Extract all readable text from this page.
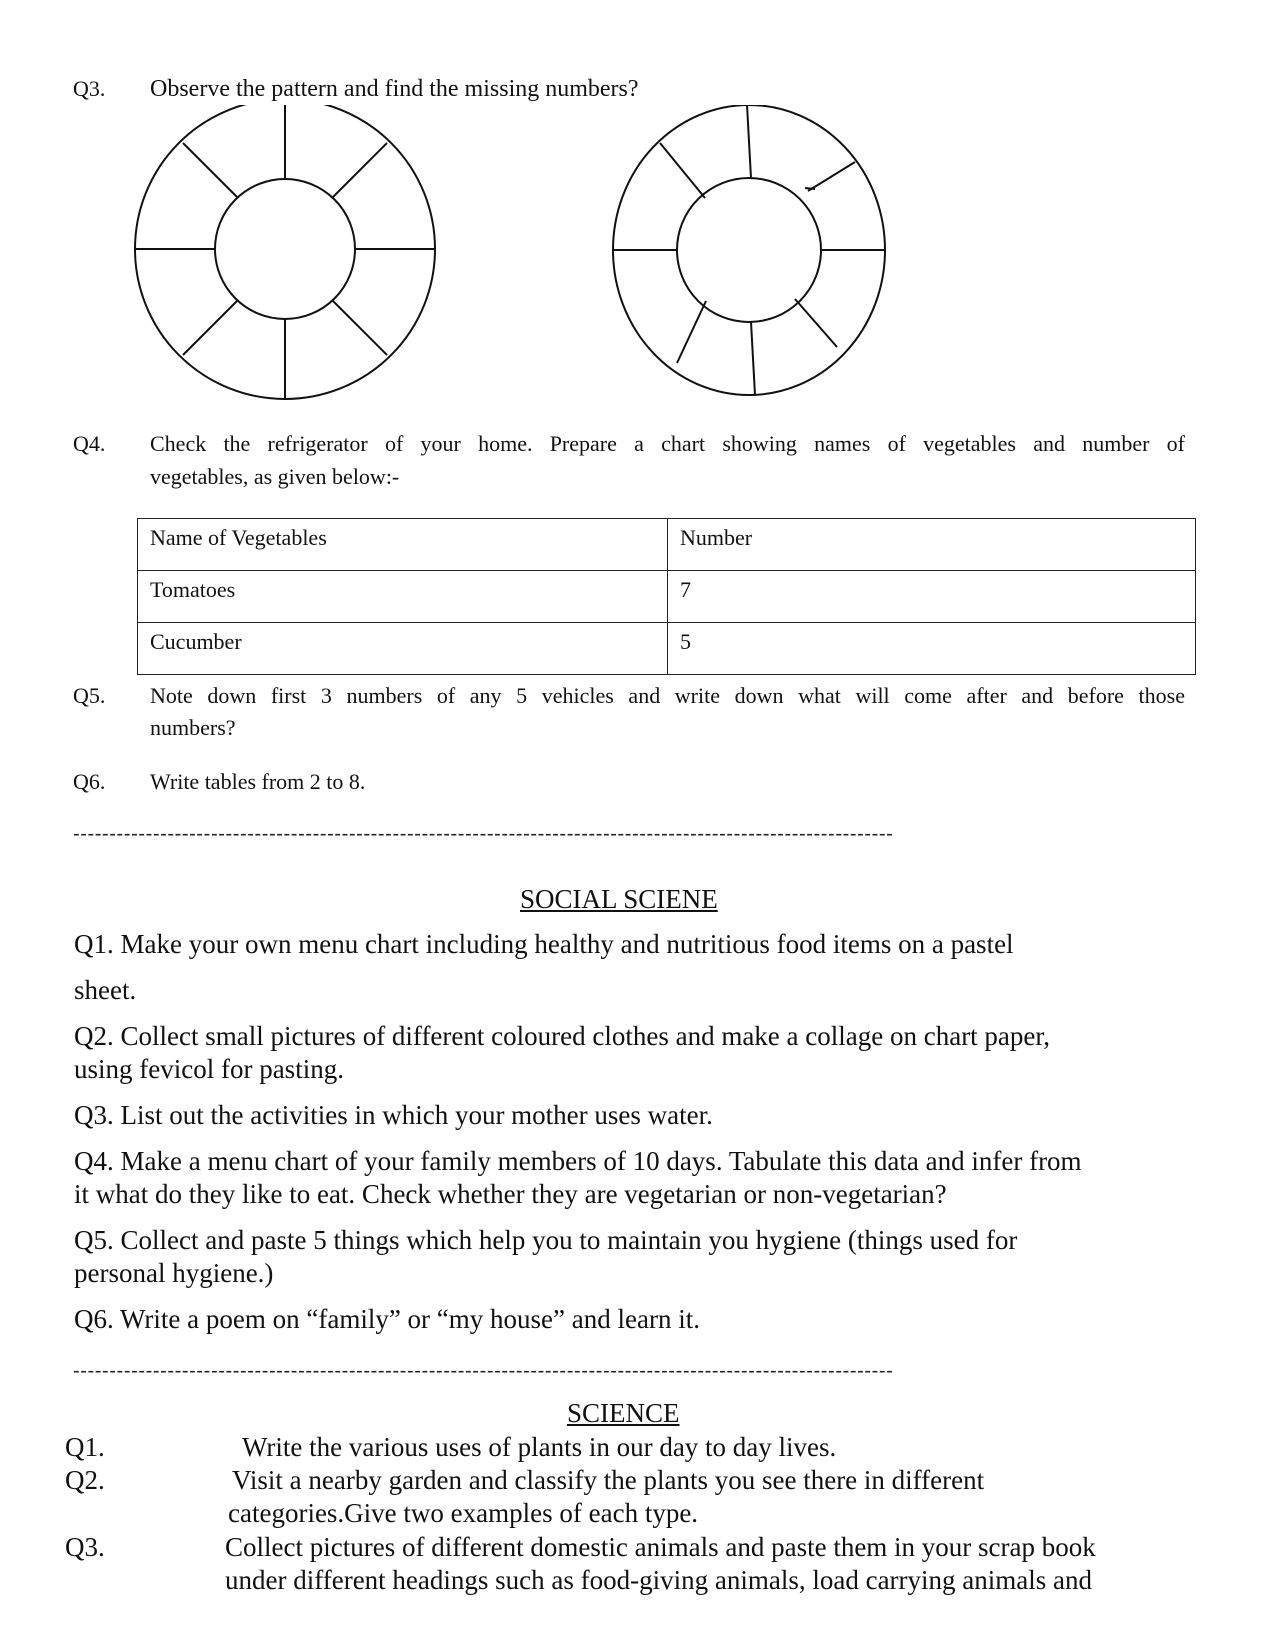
Q3. Observe the pattern and find the missing numbers?
Q4. Check the refrigerator of your home. Prepare a chart showing names of vegetables and number of
vegetables, as given below:-
Name of Vegetables	Number
Tomatoes	7
Cucumber	5
Q5. Note down first 3 numbers of any 5 vehicles and write down what will come after and before those
numbers?
Q6. Write tables from 2 to 8.
-----------------------------------------------------------------------------------------------------------------
SOCIAL SCIENE
Q1. Make your own menu chart including healthy and nutritious food items on a pastel
sheet.
Q2. Collect small pictures of different coloured clothes and make a collage on chart paper,
using fevicol for pasting.
Q3. List out the activities in which your mother uses water.
Q4. Make a menu chart of your family members of 10 days. Tabulate this data and infer from
it what do they like to eat. Check whether they are vegetarian or non-vegetarian?
Q5. Collect and paste 5 things which help you to maintain you hygiene (things used for
personal hygiene.)
Q6. Write a poem on “family” or “my house” and learn it.
-----------------------------------------------------------------------------------------------------------------
SCIENCE
Q1.	Write the various uses of plants in our day to day lives.
Q2.	Visit a nearby garden and classify the plants you see there in different
categories.Give two examples of each type.
Q3.	Collect pictures of different domestic animals and paste them in your scrap book
under different headings such as food-giving animals, load carrying animals and
